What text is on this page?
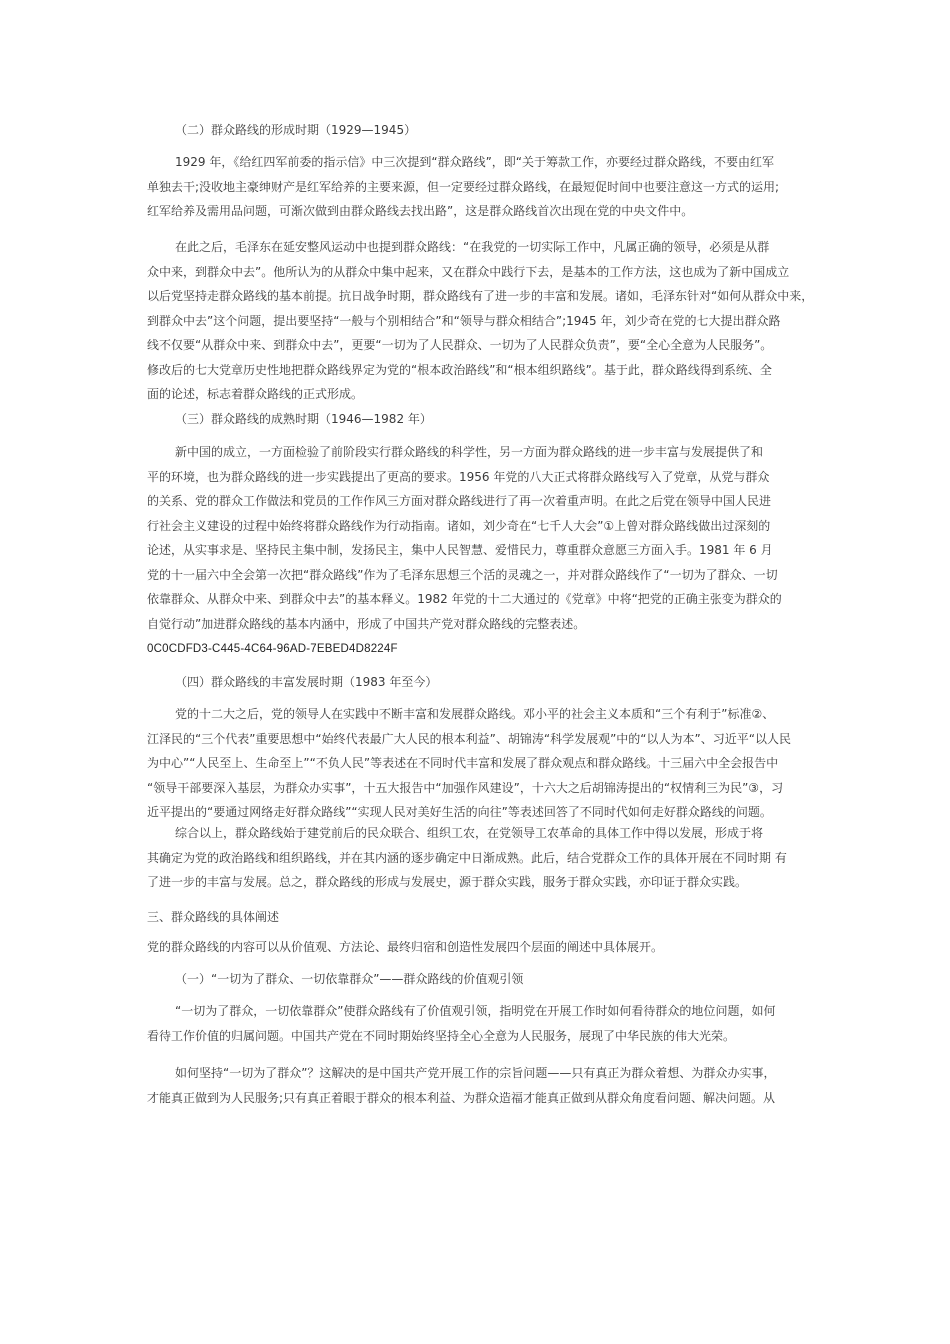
（二）群众路线的形成时期（1929—1945）

1929 年，《给红四军前委的指示信》中三次提到“群众路线”，即“关于筹款工作，亦要经过群众路线，不要由红军
单独去干;没收地主豪绅财产是红军给养的主要来源，但一定要经过群众路线，在最短促时间中也要注意这一方式的运用;
红军给养及需用品问题，可渐次做到由群众路线去找出路”，这是群众路线首次出现在党的中央文件中。

在此之后，毛泽东在延安整风运动中也提到群众路线：“在我党的一切实际工作中，凡属正确的领导，必须是从群
众中来，到群众中去”。他所认为的从群众中集中起来，又在群众中践行下去，是基本的工作方法，这也成为了新中国成立
以后党坚持走群众路线的基本前提。抗日战争时期，群众路线有了进一步的丰富和发展。诸如，毛泽东针对“如何从群众中来，
到群众中去”这个问题，提出要坚持“一般与个别相结合”和“领导与群众相结合”;1945 年，刘少奇在党的七大提出群众路
线不仅要“从群众中来、到群众中去”，更要“一切为了人民群众、一切为了人民群众负责”，要“全心全意为人民服务”。
修改后的七大党章历史性地把群众路线界定为党的“根本政治路线”和“根本组织路线”。基于此，群众路线得到系统、全
面的论述，标志着群众路线的正式形成。

（三）群众路线的成熟时期（1946—1982 年）

新中国的成立，一方面检验了前阶段实行群众路线的科学性，另一方面为群众路线的进一步丰富与发展提供了和
平的环境，也为群众路线的进一步实践提出了更高的要求。1956 年党的八大正式将群众路线写入了党章，从党与群众
的关系、党的群众工作做法和党员的工作作风三方面对群众路线进行了再一次着重声明。在此之后党在领导中国人民进
行社会主义建设的过程中始终将群众路线作为行动指南。诸如，刘少奇在“七千人大会”①上曾对群众路线做出过深刻的
论述，从实事求是、坚持民主集中制，发扬民主，集中人民智慧、爱惜民力，尊重群众意愿三方面入手。1981 年 6 月
党的十一届六中全会第一次把“群众路线”作为了毛泽东思想三个活的灵魂之一，并对群众路线作了“一切为了群众、一切
依靠群众、从群众中来、到群众中去”的基本释义。1982 年党的十二大通过的《党章》中将“把党的正确主张变为群众的
自觉行动”加进群众路线的基本内涵中，形成了中国共产党对群众路线的完整表述。

0C0CDFD3-C445-4C64-96AD-7EBED4D8224F

（四）群众路线的丰富发展时期（1983 年至今）

党的十二大之后，党的领导人在实践中不断丰富和发展群众路线。邓小平的社会主义本质和“三个有利于”标准②、
江泽民的“三个代表”重要思想中“始终代表最广大人民的根本利益”、胡锦涛“科学发展观”中的“以人为本”、习近平“以人民
为中心”“人民至上、生命至上”“不负人民”等表述在不同时代丰富和发展了群众观点和群众路线。十三届六中全会报告中
“领导干部要深入基层，为群众办实事”，十五大报告中“加强作风建设”，十六大之后胡锦涛提出的“权情利三为民”③，习
近平提出的“要通过网络走好群众路线”“实现人民对美好生活的向往”等表述回答了不同时代如何走好群众路线的问题。

综合以上，群众路线始于建党前后的民众联合、组织工农，在党领导工农革命的具体工作中得以发展，形成于将
其确定为党的政治路线和组织路线，并在其内涵的逐步确定中日渐成熟。此后，结合党群众工作的具体开展在不同时期 有
了进一步的丰富与发展。总之，群众路线的形成与发展史，源于群众实践，服务于群众实践，亦印证于群众实践。

三、群众路线的具体阐述

党的群众路线的内容可以从价值观、方法论、最终归宿和创造性发展四个层面的阐述中具体展开。

（一）“一切为了群众、一切依靠群众”——群众路线的价值观引领

“一切为了群众，一切依靠群众”使群众路线有了价值观引领，指明党在开展工作时如何看待群众的地位问题，如何
看待工作价值的归属问题。中国共产党在不同时期始终坚持全心全意为人民服务，展现了中华民族的伟大光荣。

如何坚持“一切为了群众”？这解决的是中国共产党开展工作的宗旨问题——只有真正为群众着想、为群众办实事，
才能真正做到为人民服务;只有真正着眼于群众的根本利益、为群众造福才能真正做到从群众角度看问题、解决问题。从
